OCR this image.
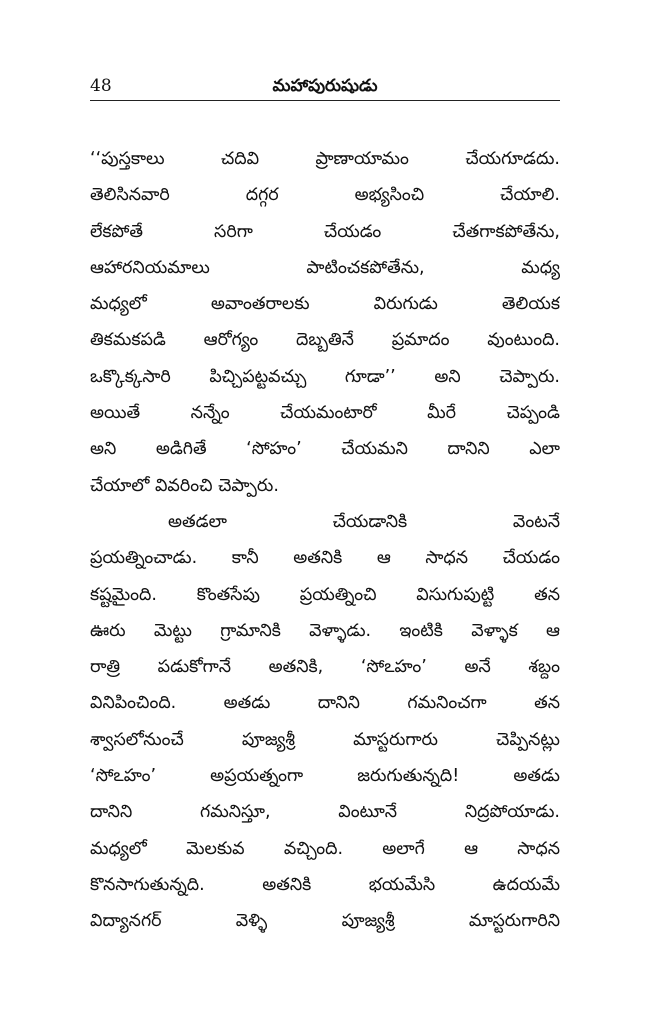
48	మహాపురుషుడు
‘‘పుస్తకాలు చదివి ప్రాణాయామం చేయగూడదు.
తెలిసినవారి దగ్గర అభ్యసించి చేయాలి.
లేకపోతే సరిగా చేయడం చేతగాకపోతేను,
ఆహారనియమాలు పాటించకపోతేను, మధ్య
మధ్యలో అవాంతరాలకు విరుగుడు తెలియక
తికమకపడి ఆరోగ్యం దెబ్బతినే ప్రమాదం వుంటుంది.
ఒక్కొక్కసారి పిచ్చిపట్టవచ్చు గూడా’’ అని చెప్పారు.
అయితే నన్నేం చేయమంటారో మీరే చెప్పండి
అని అడిగితే ‘సోహం’ చేయమని దానిని ఎలా
చేయాలో వివరించి చెప్పారు.
అతడలా చేయడానికి వెంటనే
ప్రయత్నించాడు. కానీ అతనికి ఆ సాధన చేయడం
కష్టమైంది. కొంతసేపు ప్రయత్నించి విసుగుపుట్టి తన
ఊరు మెట్టు గ్రామానికి వెళ్ళాడు. ఇంటికి వెళ్ళాక ఆ
రాత్రి పడుకోగానే అతనికి, ‘సోఽహం’ అనే శబ్దం
వినిపించింది. అతడు దానిని గమనించగా తన
శ్వాసలోనుంచే పూజ్యశ్రీ మాస్టరుగారు చెప్పినట్లు
‘సోఽహం’ అప్రయత్నంగా జరుగుతున్నది! అతడు
దానిని గమనిస్తూ, వింటూనే నిద్రపోయాడు.
మధ్యలో మెలకువ వచ్చింది. అలాగే ఆ సాధన
కొనసాగుతున్నది. అతనికి భయమేసి ఉదయమే
విద్యానగర్ వెళ్ళి పూజ్యశ్రీ మాస్టరుగారిని
